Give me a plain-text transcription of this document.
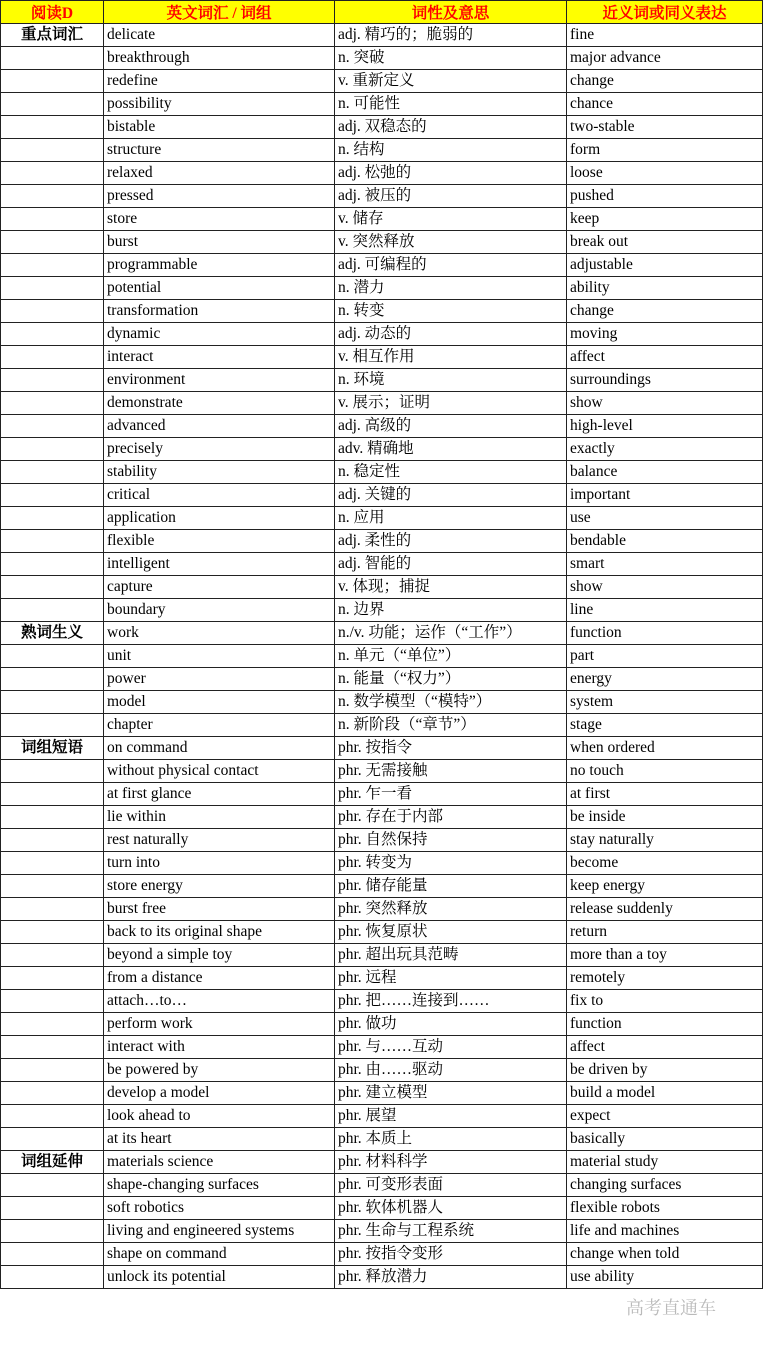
阅读D	英文词汇 / 词组	词性及意思	近义词或同义表达
重点词汇	delicate	adj. 精巧的；脆弱的	fine
	breakthrough	n. 突破	major advance
	redefine	v. 重新定义	change
	possibility	n. 可能性	chance
	bistable	adj. 双稳态的	two-stable
	structure	n. 结构	form
	relaxed	adj. 松弛的	loose
	pressed	adj. 被压的	pushed
	store	v. 储存	keep
	burst	v. 突然释放	break out
	programmable	adj. 可编程的	adjustable
	potential	n. 潜力	ability
	transformation	n. 转变	change
	dynamic	adj. 动态的	moving
	interact	v. 相互作用	affect
	environment	n. 环境	surroundings
	demonstrate	v. 展示；证明	show
	advanced	adj. 高级的	high-level
	precisely	adv. 精确地	exactly
	stability	n. 稳定性	balance
	critical	adj. 关键的	important
	application	n. 应用	use
	flexible	adj. 柔性的	bendable
	intelligent	adj. 智能的	smart
	capture	v. 体现；捕捉	show
	boundary	n. 边界	line
熟词生义	work	n./v. 功能；运作（“工作”）	function
	unit	n. 单元（“单位”）	part
	power	n. 能量（“权力”）	energy
	model	n. 数学模型（“模特”）	system
	chapter	n. 新阶段（“章节”）	stage
词组短语	on command	phr. 按指令	when ordered
	without physical contact	phr. 无需接触	no touch
	at first glance	phr. 乍一看	at first
	lie within	phr. 存在于内部	be inside
	rest naturally	phr. 自然保持	stay naturally
	turn into	phr. 转变为	become
	store energy	phr. 储存能量	keep energy
	burst free	phr. 突然释放	release suddenly
	back to its original shape	phr. 恢复原状	return
	beyond a simple toy	phr. 超出玩具范畴	more than a toy
	from a distance	phr. 远程	remotely
	attach…to…	phr. 把……连接到……	fix to
	perform work	phr. 做功	function
	interact with	phr. 与……互动	affect
	be powered by	phr. 由……驱动	be driven by
	develop a model	phr. 建立模型	build a model
	look ahead to	phr. 展望	expect
	at its heart	phr. 本质上	basically
词组延伸	materials science	phr. 材料科学	material study
	shape-changing surfaces	phr. 可变形表面	changing surfaces
	soft robotics	phr. 软体机器人	flexible robots
	living and engineered systems	phr. 生命与工程系统	life and machines
	shape on command	phr. 按指令变形	change when told
	unlock its potential	phr. 释放潜力	use ability
高考直通车
